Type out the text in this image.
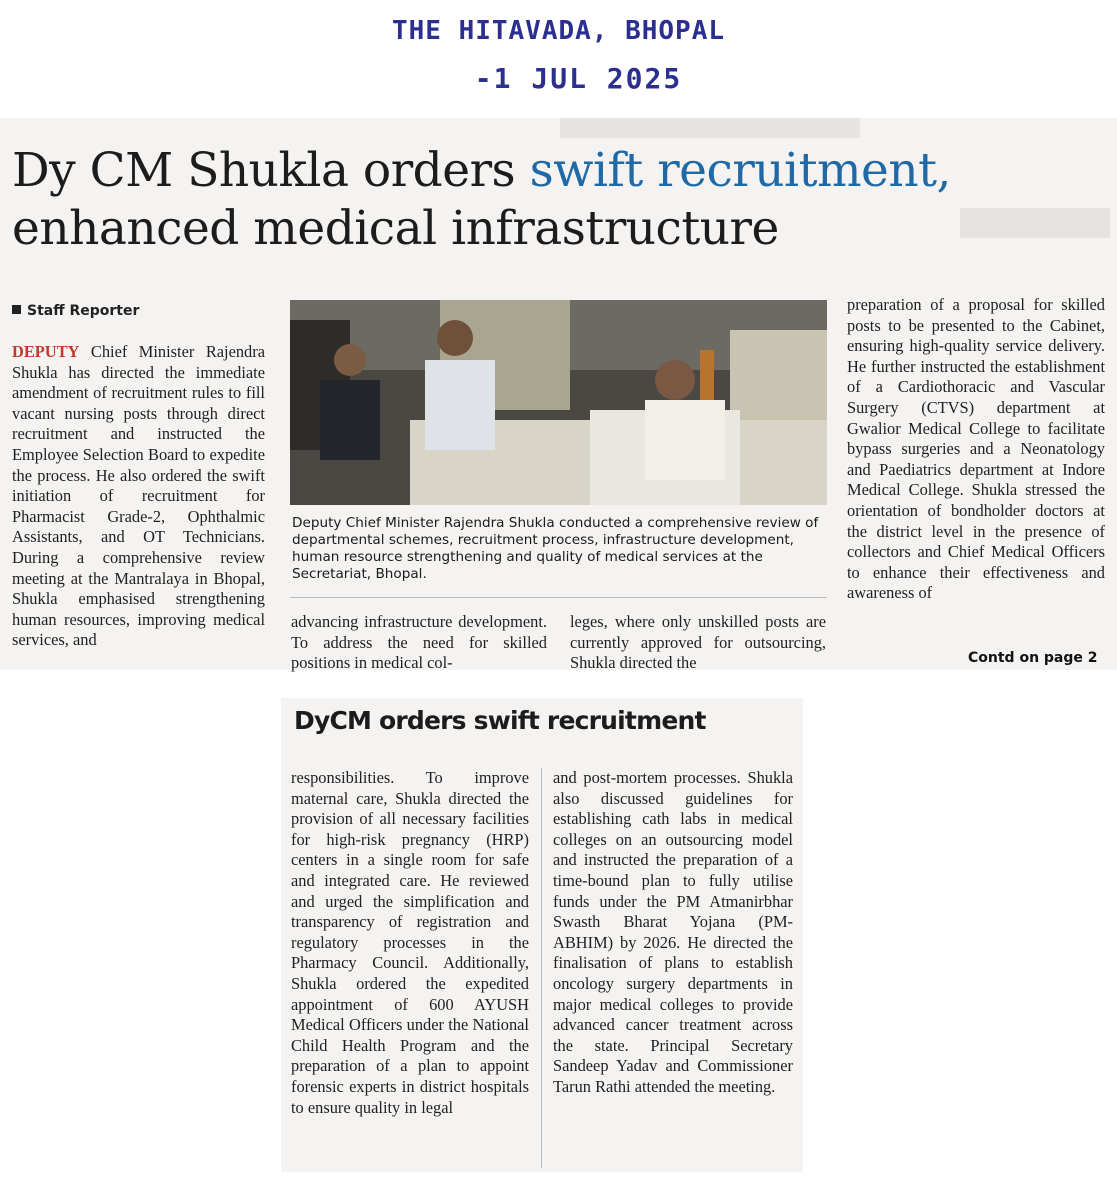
THE HITAVADA, BHOPAL
-1 JUL 2025
Dy CM Shukla orders swift recruitment,
enhanced medical infrastructure
Staff Reporter

DEPUTY Chief Minister Rajendra Shukla has directed the immediate amendment of recruitment rules to fill vacant nursing posts through direct recruitment and instructed the Employee Selection Board to expedite the process. He also ordered the swift initiation of recruitment for Pharmacist Grade-2, Ophthalmic Assistants, and OT Technicians. During a comprehensive review meeting at the Mantralaya in Bhopal, Shukla emphasised strengthening human resources, improving medical services, and

Deputy Chief Minister Rajendra Shukla conducted a comprehensive review of departmental schemes, recruitment process, infrastructure development, human resource strengthening and quality of medical services at the Secretariat, Bhopal.

advancing infrastructure development. To address the need for skilled positions in medical col-

leges, where only unskilled posts are currently approved for outsourcing, Shukla directed the

preparation of a proposal for skilled posts to be presented to the Cabinet, ensuring high-quality service delivery. He further instructed the establishment of a Cardiothoracic and Vascular Surgery (CTVS) department at Gwalior Medical College to facilitate bypass surgeries and a Neonatology and Paediatrics department at Indore Medical College. Shukla stressed the orientation of bondholder doctors at the district level in the presence of collectors and Chief Medical Officers to enhance their effectiveness and awareness of

Contd on page 2
DyCM orders swift recruitment

responsibilities. To improve maternal care, Shukla directed the provision of all necessary facilities for high-risk pregnancy (HRP) centers in a single room for safe and integrated care. He reviewed and urged the simplification and transparency of registration and regulatory processes in the Pharmacy Council. Additionally, Shukla ordered the expedited appointment of 600 AYUSH Medical Officers under the National Child Health Program and the preparation of a plan to appoint forensic experts in district hospitals to ensure quality in legal

and post-mortem processes. Shukla also discussed guidelines for establishing cath labs in medical colleges on an outsourcing model and instructed the preparation of a time-bound plan to fully utilise funds under the PM Atmanirbhar Swasth Bharat Yojana (PM-ABHIM) by 2026. He directed the finalisation of plans to establish oncology surgery departments in major medical colleges to provide advanced cancer treatment across the state. Principal Secretary Sandeep Yadav and Commissioner Tarun Rathi attended the meeting.
